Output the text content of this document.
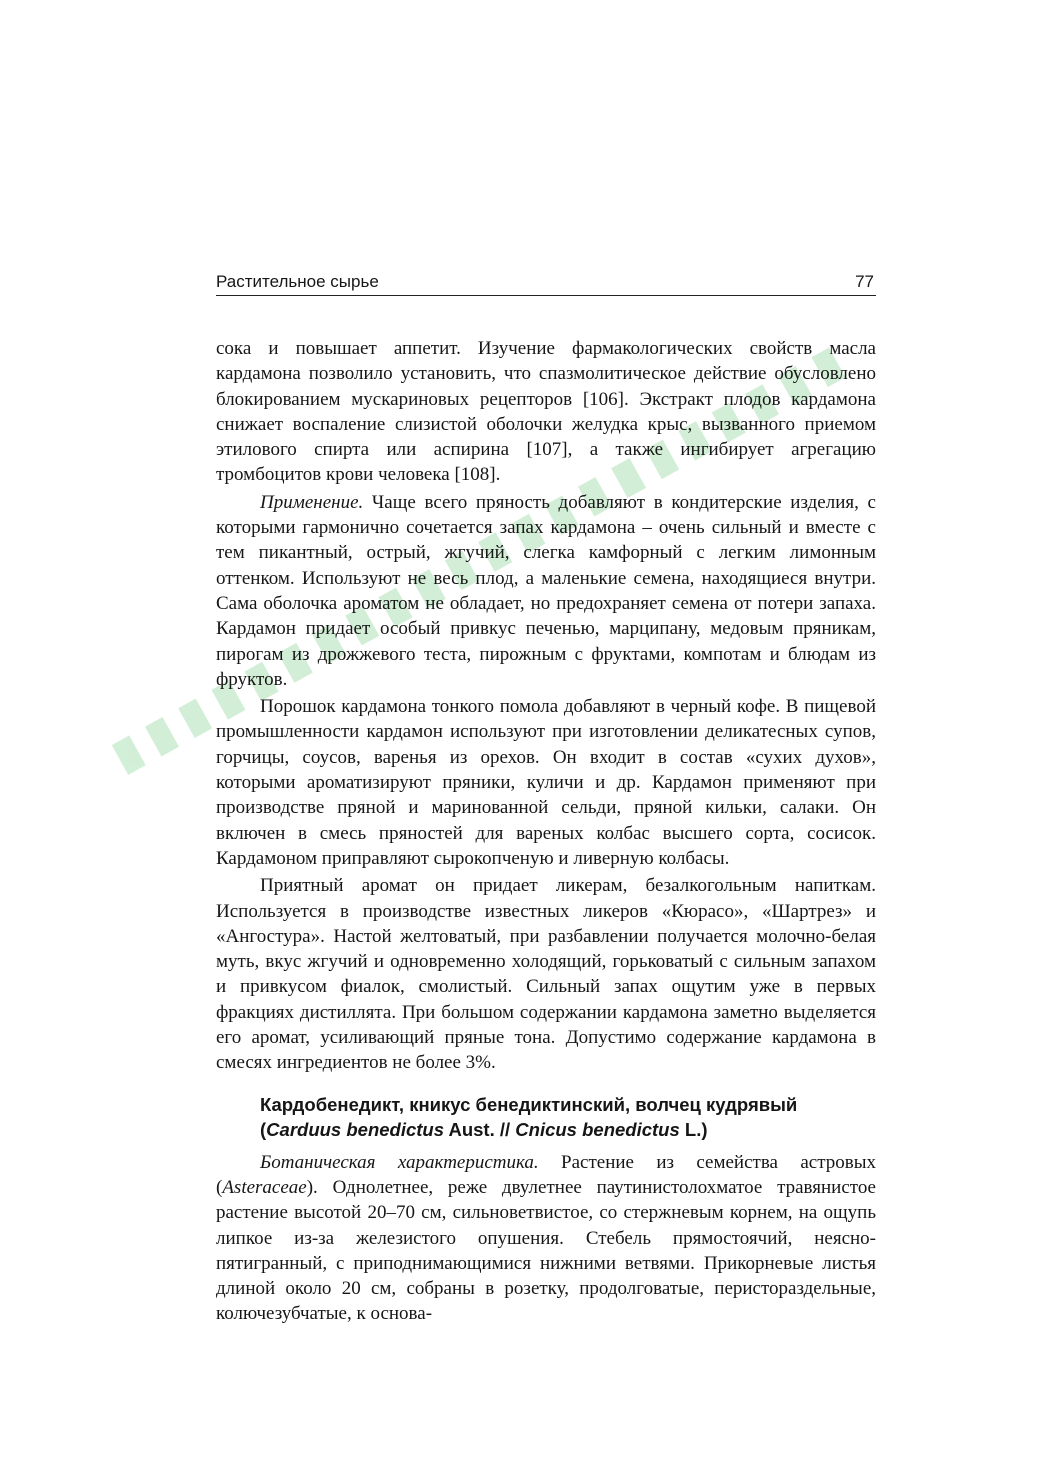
Растительное сырье	77

сока и повышает аппетит. Изучение фармакологических свойств масла кардамона позволило установить, что спазмолитическое действие обусловлено блокированием мускариновых рецепторов [106]. Экстракт плодов кардамона снижает воспаление слизистой оболочки желудка крыс, вызванного приемом этилового спирта или аспирина [107], а также ингибирует агрегацию тромбоцитов крови человека [108].

Применение. Чаще всего пряность добавляют в кондитерские изделия, с которыми гармонично сочетается запах кардамона – очень сильный и вместе с тем пикантный, острый, жгучий, слегка камфорный с легким лимонным оттенком. Используют не весь плод, а маленькие семена, находящиеся внутри. Сама оболочка ароматом не обладает, но предохраняет семена от потери запаха. Кардамон придает особый привкус печенью, марципану, медовым пряникам, пирогам из дрожжевого теста, пирожным с фруктами, компотам и блюдам из фруктов.

Порошок кардамона тонкого помола добавляют в черный кофе. В пищевой промышленности кардамон используют при изготовлении деликатесных супов, горчицы, соусов, варенья из орехов. Он входит в состав «сухих духов», которыми ароматизируют пряники, куличи и др. Кардамон применяют при производстве пряной и маринованной сельди, пряной кильки, салаки. Он включен в смесь пряностей для вареных колбас высшего сорта, сосисок. Кардамоном приправляют сырокопченую и ливерную колбасы.

Приятный аромат он придает ликерам, безалкогольным напиткам. Используется в производстве известных ликеров «Кюрасо», «Шартрез» и «Ангостура». Настой желтоватый, при разбавлении получается молочно-белая муть, вкус жгучий и одновременно холодящий, горьковатый с сильным запахом и привкусом фиалок, смолистый. Сильный запах ощутим уже в первых фракциях дистиллята. При большом содержании кардамона заметно выделяется его аромат, усиливающий пряные тона. Допустимо содержание кардамона в смесях ингредиентов не более 3%.

Кардобенедикт, кникус бенедиктинский, волчец кудрявый
(Carduus benedictus Aust. // Cnicus benedictus L.)

Ботаническая характеристика. Растение из семейства астровых (Asteraceae). Однолетнее, реже двулетнее паутинистолохматое травянистое растение высотой 20–70 см, сильноветвистое, со стержневым корнем, на ощупь липкое из-за железистого опушения. Стебель прямостоячий, неясно-пятигранный, с приподнимающимися нижними ветвями. Прикорневые листья длиной около 20 см, собраны в розетку, продолговатые, перистораздельные, колючезубчатые, к основа-
